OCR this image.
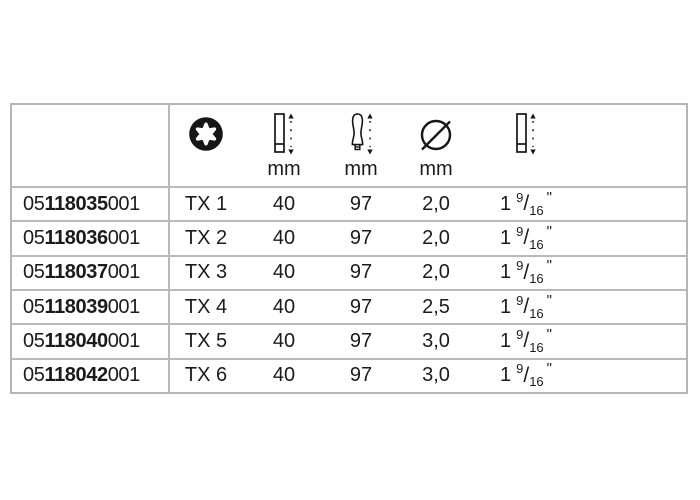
mm mm mm
05 118035 001	TX 1	40	97	2,0	1 9 / 16
"
05 118036 001	TX 2	40	97	2,0	1 9 / 16
"
05 118037 001	TX 3	40	97	2,0	1 9 / 16
"
05 118039 001	TX 4	40	97	2,5	1 9 / 16
"
05 118040 001	TX 5	40	97	3,0	1 9 / 16
"
05 118042 001	TX 6	40	97	3,0	1 9 / 16
"
